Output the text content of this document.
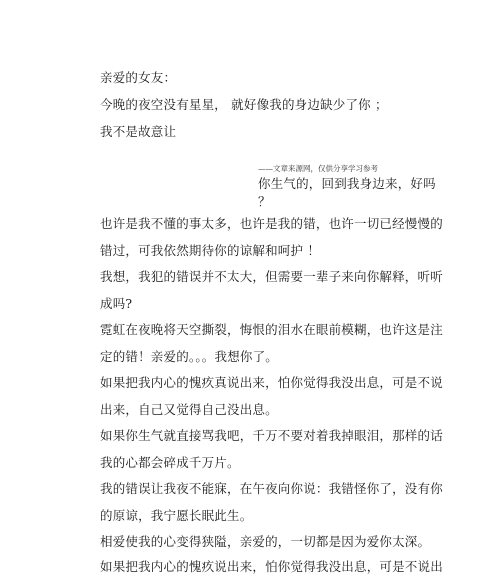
亲爱的女友：
今晚的夜空没有星星， 就好像我的身边缺少了你 ；
我不是故意让
——文章来源网，仅供分享学习参考
你生气的，回到我身边来，好吗
？
也许是我不懂的事太多，也许是我的错，也许一切已经慢慢的
错过，可我依然期待你的谅解和呵护 ！
我想，我犯的错误并不太大，但需要一辈子来向你解释，听听
成吗?
霓虹在夜晚将天空撕裂，悔恨的泪水在眼前模糊，也许这是注
定的错！亲爱的。。。我想你了。
如果把我内心的愧疚真说出来，怕你觉得我没出息，可是不说
出来，自己又觉得自己没出息。
如果你生气就直接骂我吧，千万不要对着我掉眼泪，那样的话
我的心都会碎成千万片。
我的错误让我夜不能寐，在午夜向你说：我错怪你了，没有你
的原谅，我宁愿长眠此生。
相爱使我的心变得狭隘，亲爱的，一切都是因为爱你太深。
如果把我内心的愧疚说出来，怕你觉得我没出息，可是不说出
